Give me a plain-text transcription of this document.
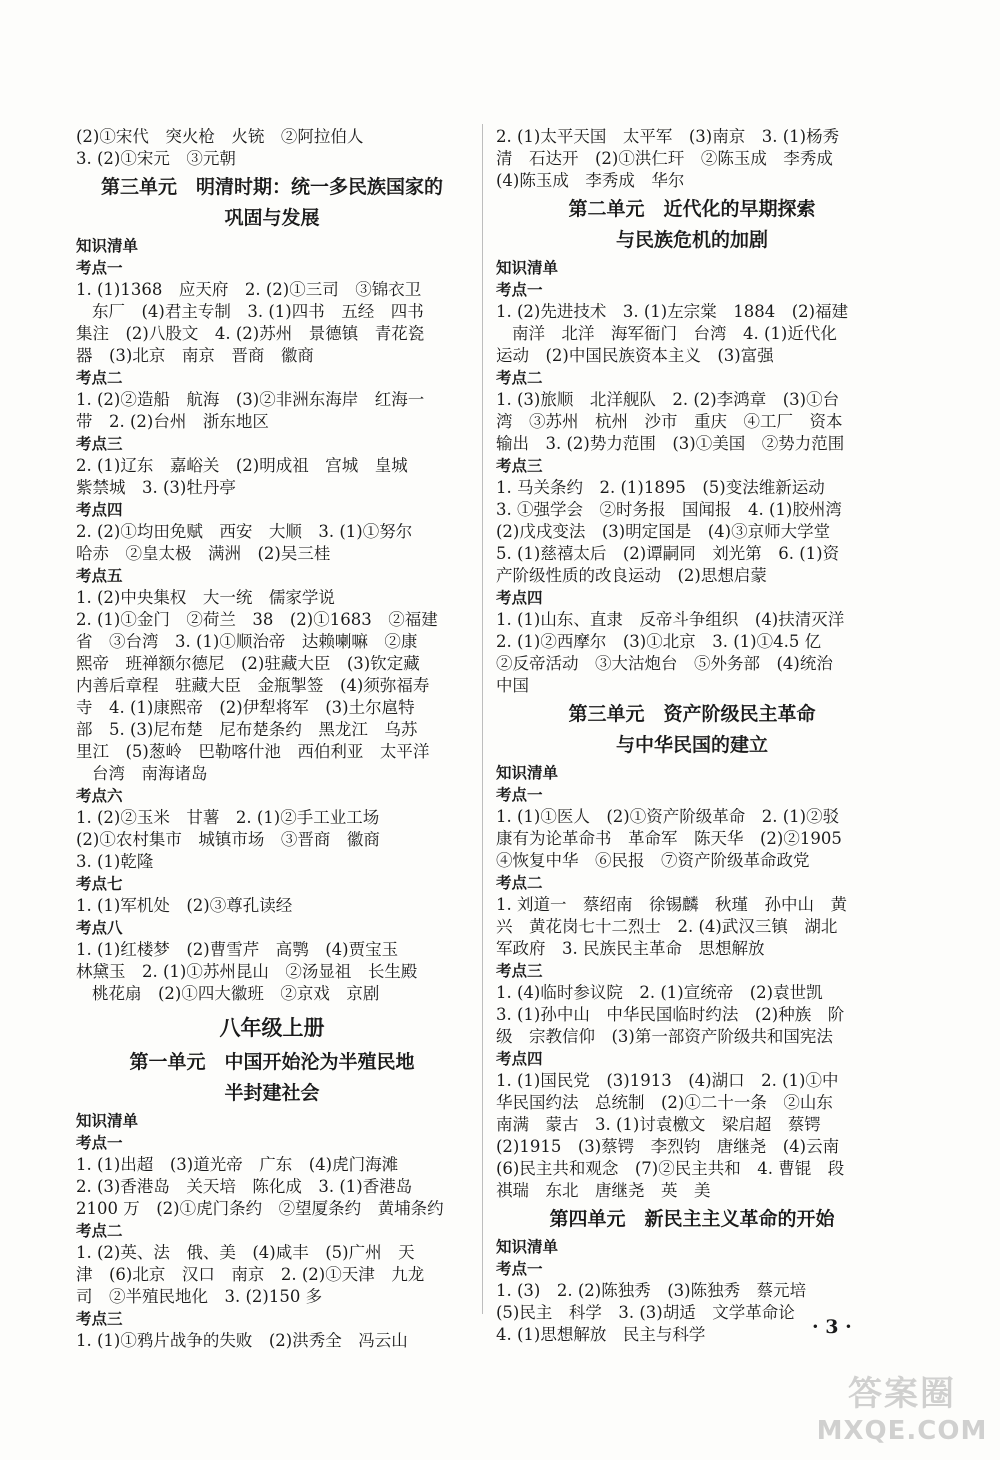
(2)①宋代　突火枪　火铳　②阿拉伯人
3. (2)①宋元　③元朝
第三单元　明清时期：统一多民族国家的
巩固与发展
知识清单
考点一
1. (1)1368　应天府　2. (2)①三司　③锦衣卫
东厂　(4)君主专制　3. (1)四书　五经　四书
集注　(2)八股文　4. (2)苏州　景德镇　青花瓷
器　(3)北京　南京　晋商　徽商
考点二
1. (2)②造船　航海　(3)②非洲东海岸　红海一
带　2. (2)台州　浙东地区
考点三
2. (1)辽东　嘉峪关　(2)明成祖　宫城　皇城
紫禁城　3. (3)牡丹亭
考点四
2. (2)①均田免赋　西安　大顺　3. (1)①努尔
哈赤　②皇太极　满洲　(2)吴三桂
考点五
1. (2)中央集权　大一统　儒家学说
2. (1)①金门　②荷兰　38　(2)①1683　②福建
省　③台湾　3. (1)①顺治帝　达赖喇嘛　②康
熙帝　班禅额尔德尼　(2)驻藏大臣　(3)钦定藏
内善后章程　驻藏大臣　金瓶掣签　(4)须弥福寿
寺　4. (1)康熙帝　(2)伊犁将军　(3)土尔扈特
部　5. (3)尼布楚　尼布楚条约　黑龙江　乌苏
里江　(5)葱岭　巴勒喀什池　西伯利亚　太平洋
台湾　南海诸岛
考点六
1. (2)②玉米　甘薯　2. (1)②手工业工场
(2)①农村集市　城镇市场　③晋商　徽商
3. (1)乾隆
考点七
1. (1)军机处　(2)③尊孔读经
考点八
1. (1)红楼梦　(2)曹雪芹　高鹗　(4)贾宝玉
林黛玉　2. (1)①苏州昆山　②汤显祖　长生殿
桃花扇　(2)①四大徽班　②京戏　京剧
八年级上册
第一单元　中国开始沦为半殖民地
半封建社会
知识清单
考点一
1. (1)出超　(3)道光帝　广东　(4)虎门海滩
2. (3)香港岛　关天培　陈化成　3. (1)香港岛
2100 万　(2)①虎门条约　②望厦条约　黄埔条约
考点二
1. (2)英、法　俄、美　(4)咸丰　(5)广州　天
津　(6)北京　汉口　南京　2. (2)①天津　九龙
司　②半殖民地化　3. (2)150 多
考点三
1. (1)①鸦片战争的失败　(2)洪秀全　冯云山
2. (1)太平天国　太平军　(3)南京　3. (1)杨秀
清　石达开　(2)①洪仁玕　②陈玉成　李秀成
(4)陈玉成　李秀成　华尔
第二单元　近代化的早期探索
与民族危机的加剧
知识清单
考点一
1. (2)先进技术　3. (1)左宗棠　1884　(2)福建
南洋　北洋　海军衙门　台湾　4. (1)近代化
运动　(2)中国民族资本主义　(3)富强
考点二
1. (3)旅顺　北洋舰队　2. (2)李鸿章　(3)①台
湾　③苏州　杭州　沙市　重庆　④工厂　资本
输出　3. (2)势力范围　(3)①美国　②势力范围
考点三
1. 马关条约　2. (1)1895　(5)变法维新运动
3. ①强学会　②时务报　国闻报　4. (1)胶州湾
(2)戊戌变法　(3)明定国是　(4)③京师大学堂
5. (1)慈禧太后　(2)谭嗣同　刘光第　6. (1)资
产阶级性质的改良运动　(2)思想启蒙
考点四
1. (1)山东、直隶　反帝斗争组织　(4)扶清灭洋
2. (1)②西摩尔　(3)①北京　3. (1)①4.5 亿
②反帝活动　③大沽炮台　⑤外务部　(4)统治
中国
第三单元　资产阶级民主革命
与中华民国的建立
知识清单
考点一
1. (1)①医人　(2)①资产阶级革命　2. (1)②驳
康有为论革命书　革命军　陈天华　(2)②1905
④恢复中华　⑥民报　⑦资产阶级革命政党
考点二
1. 刘道一　蔡绍南　徐锡麟　秋瑾　孙中山　黄
兴　黄花岗七十二烈士　2. (4)武汉三镇　湖北
军政府　3. 民族民主革命　思想解放
考点三
1. (4)临时参议院　2. (1)宣统帝　(2)袁世凯
3. (1)孙中山　中华民国临时约法　(2)种族　阶
级　宗教信仰　(3)第一部资产阶级共和国宪法
考点四
1. (1)国民党　(3)1913　(4)湖口　2. (1)①中
华民国约法　总统制　(2)①二十一条　②山东
南满　蒙古　3. (1)讨袁檄文　梁启超　蔡锷
(2)1915　(3)蔡锷　李烈钧　唐继尧　(4)云南
(6)民主共和观念　(7)②民主共和　4. 曹锟　段
祺瑞　东北　唐继尧　英　美
第四单元　新民主主义革命的开始
知识清单
考点一
1. (3)　2. (2)陈独秀　(3)陈独秀　蔡元培
(5)民主　科学　3. (3)胡适　文学革命论
4. (1)思想解放　民主与科学	· 3 ·
答案圈
MXQE.COM
